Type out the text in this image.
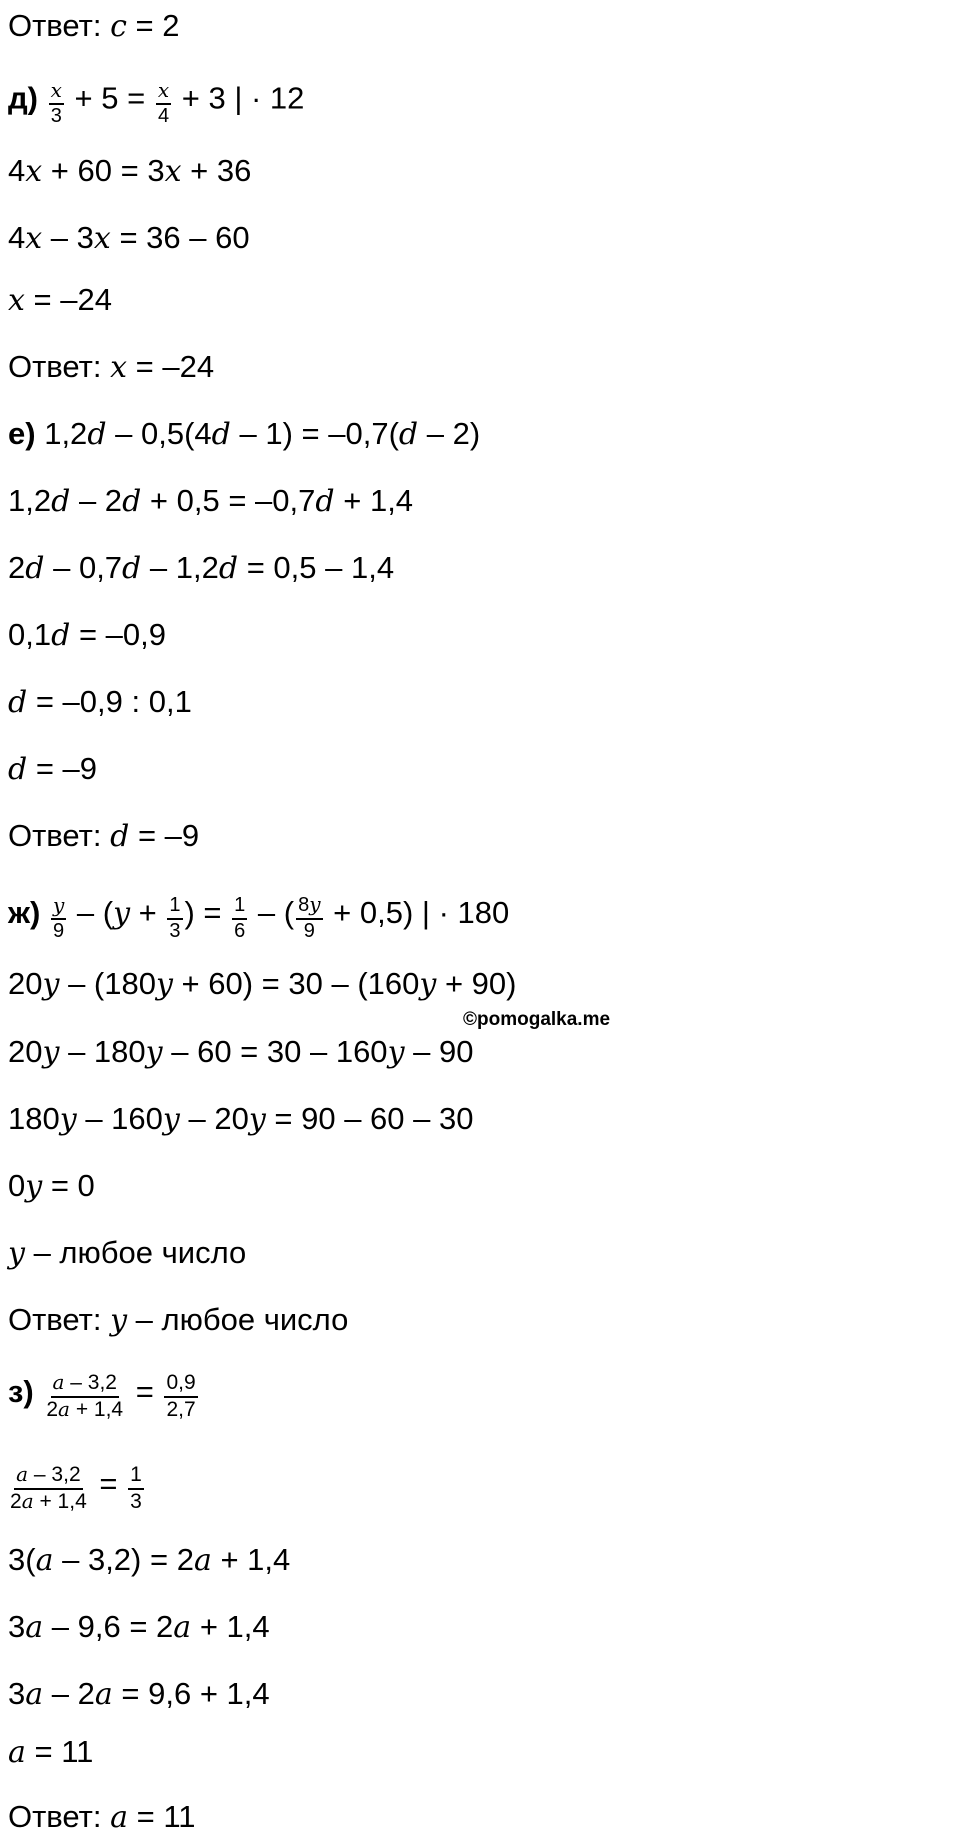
Ответ: c = 2
$д) \frac{x}{3} + 5 = \frac{x}{4} + 3$ | · 12
4x + 60 = 3x + 36
4x – 3x = 36 – 60
x = –24
Ответ: x = –24
е) 1,2d – 0,5(4d – 1) = –0,7(d – 2)
1,2d – 2d + 0,5 = –0,7d + 1,4
2d – 0,7d – 1,2d = 0,5 – 1,4
0,1d = –0,9
d = –0,9 : 0,1
d = –9
Ответ: d = –9
$ж) \frac{y}{9} - (y + \frac{1}{3}$ ) = $\frac{1}{6}$ – ( $\frac{8y}{9} + 0,5$) | · 180
20y – (180y + 60) = 30 – (160y + 90)
©pomogalka.me
20y – 180y – 60 = 30 – 160y – 90
180y – 160y – 20y = 90 – 60 – 30
0y = 0
y – любое число
Ответ: y – любое число
$з) \frac{a - 3,2}{2a + 1,4} = \frac{0,9}{2,7}$
$\frac{a - 3,2}{2a + 1,4} = \frac{1}{3}$
3(a – 3,2) = 2a + 1,4
3a – 9,6 = 2a + 1,4
3a – 2a = 9,6 + 1,4
a = 11
Ответ: a = 11
